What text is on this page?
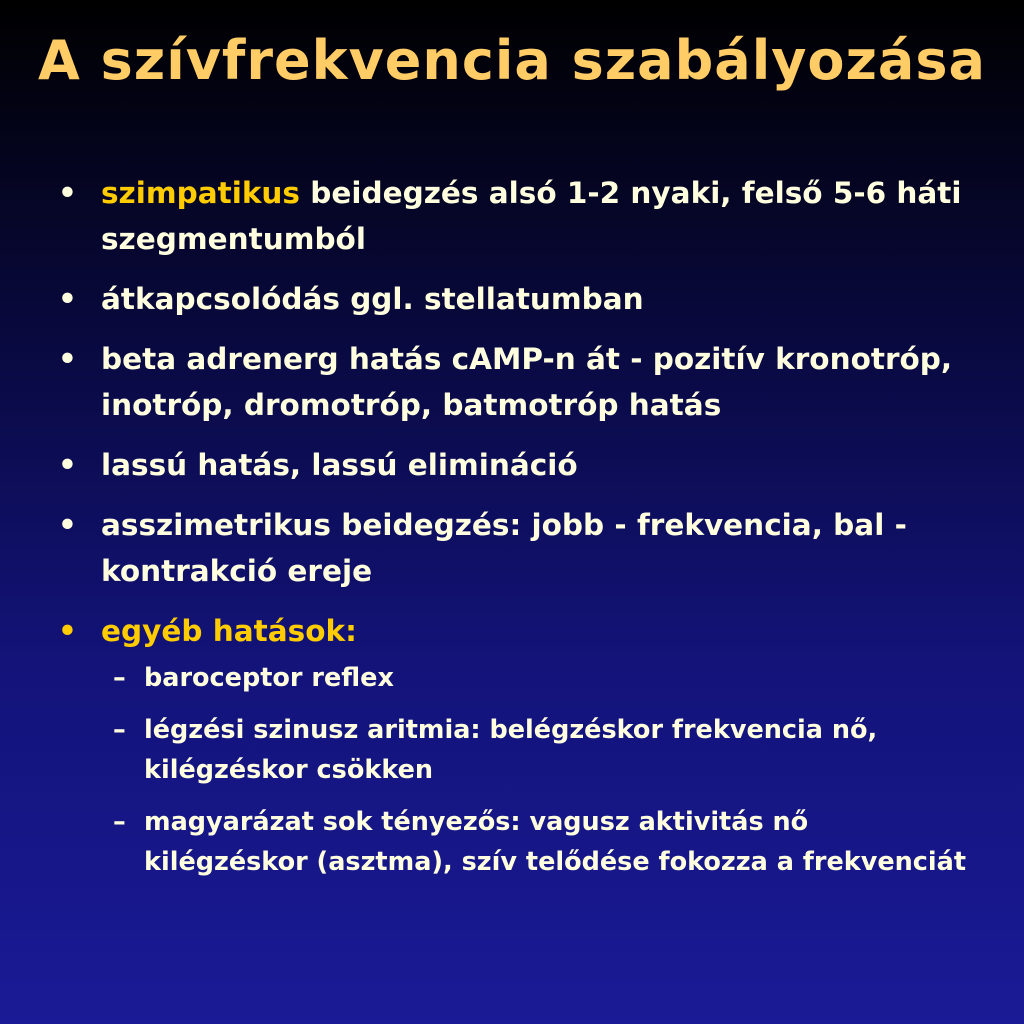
A szívfrekvencia szabályozása
• szimpatikus beidegzés alsó 1-2 nyaki, felső 5-6 háti szegmentumból
• átkapcsolódás ggl. stellatumban
• beta adrenerg hatás cAMP-n át - pozitív kronotróp, inotróp, dromotróp, batmotróp hatás
• lassú hatás, lassú elimináció
• asszimetrikus beidegzés: jobb - frekvencia, bal - kontrakció ereje
• egyéb hatások:
– baroceptor reflex
– légzési szinusz aritmia: belégzéskor frekvencia nő, kilégzéskor csökken
– magyarázat sok tényezős: vagusz aktivitás nő kilégzéskor (asztma), szív telődése fokozza a frekvenciát
